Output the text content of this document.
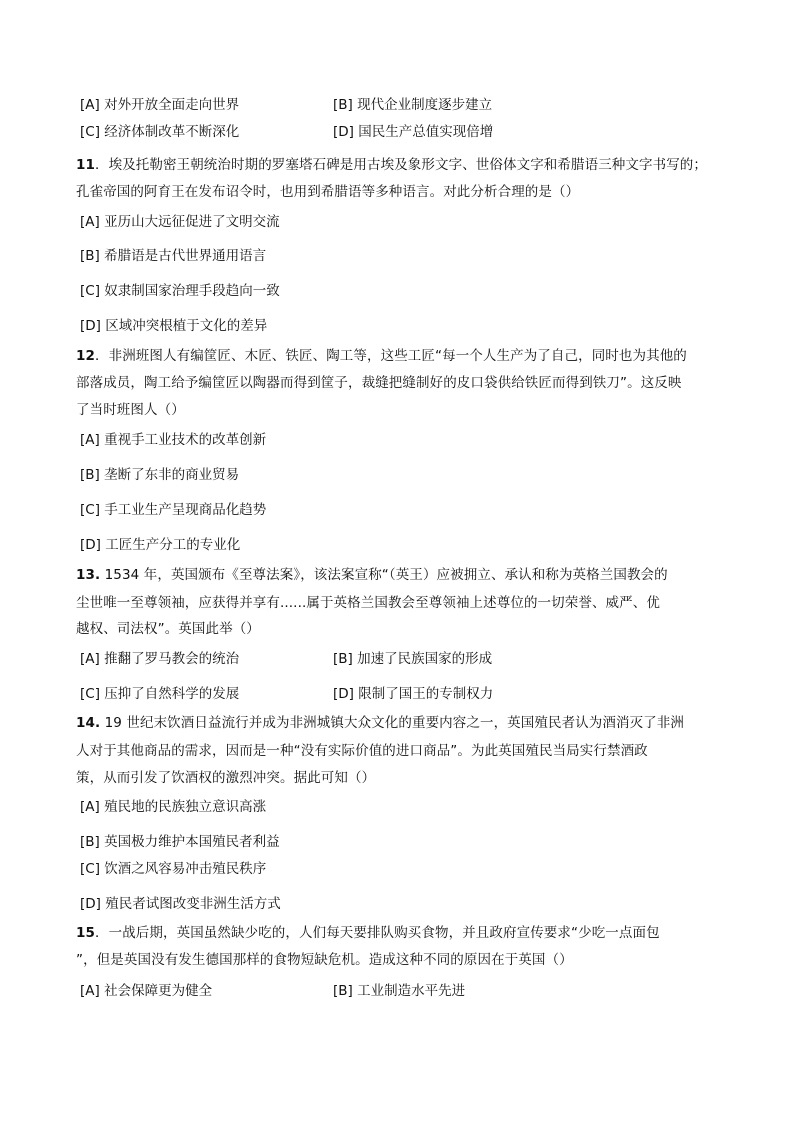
[A] 对外开放全面走向世界	[B] 现代企业制度逐步建立
[C] 经济体制改革不断深化	[D] 国民生产总值实现倍增
11．埃及托勒密王朝统治时期的罗塞塔石碑是用古埃及象形文字、世俗体文字和希腊语三种文字书写的；
孔雀帝国的阿育王在发布诏令时，也用到希腊语等多种语言。对此分析合理的是（）
[A] 亚历山大远征促进了文明交流
[B] 希腊语是古代世界通用语言
[C] 奴隶制国家治理手段趋向一致
[D] 区域冲突根植于文化的差异
12．非洲班图人有编筐匠、木匠、铁匠、陶工等，这些工匠“每一个人生产为了自己，同时也为其他的
部落成员，陶工给予编筐匠以陶器而得到筐子，裁缝把缝制好的皮口袋供给铁匠而得到铁刀”。这反映
了当时班图人（）
[A] 重视手工业技术的改革创新
[B] 垄断了东非的商业贸易
[C] 手工业生产呈现商品化趋势
[D] 工匠生产分工的专业化
13. 1534 年，英国颁布《至尊法案》，该法案宣称“（英王）应被拥立、承认和称为英格兰国教会的
尘世唯一至尊领袖，应获得并享有......属于英格兰国教会至尊领袖上述尊位的一切荣誉、威严、优
越权、司法权”。英国此举（）
[A] 推翻了罗马教会的统治	[B] 加速了民族国家的形成
[C] 压抑了自然科学的发展	[D] 限制了国王的专制权力
14. 19 世纪末饮酒日益流行并成为非洲城镇大众文化的重要内容之一，英国殖民者认为酒消灭了非洲
人对于其他商品的需求，因而是一种“没有实际价值的进口商品”。为此英国殖民当局实行禁酒政
策，从而引发了饮酒权的激烈冲突。据此可知（）
[A] 殖民地的民族独立意识高涨
[B] 英国极力维护本国殖民者利益
[C] 饮酒之风容易冲击殖民秩序
[D] 殖民者试图改变非洲生活方式
15．一战后期，英国虽然缺少吃的，人们每天要排队购买食物，并且政府宣传要求“少吃一点面包
”，但是英国没有发生德国那样的食物短缺危机。造成这种不同的原因在于英国（）
[A] 社会保障更为健全	[B] 工业制造水平先进
